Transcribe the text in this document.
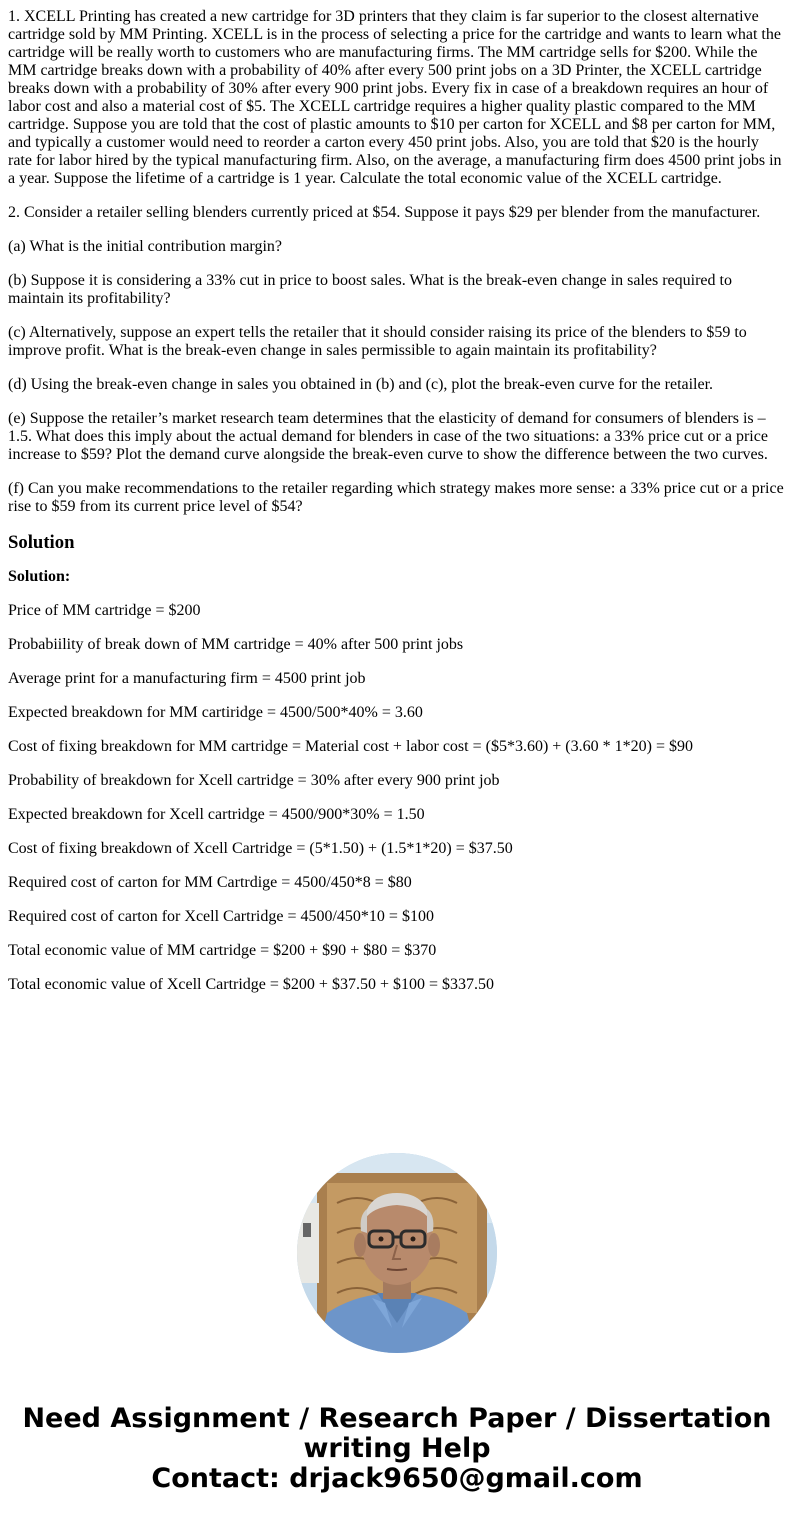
1. XCELL Printing has created a new cartridge for 3D printers that they claim is far superior to the closest alternative cartridge sold by MM Printing. XCELL is in the process of selecting a price for the cartridge and wants to learn what the cartridge will be really worth to customers who are manufacturing firms. The MM cartridge sells for $200. While the MM cartridge breaks down with a probability of 40% after every 500 print jobs on a 3D Printer, the XCELL cartridge breaks down with a probability of 30% after every 900 print jobs. Every fix in case of a breakdown requires an hour of labor cost and also a material cost of $5. The XCELL cartridge requires a higher quality plastic compared to the MM cartridge. Suppose you are told that the cost of plastic amounts to $10 per carton for XCELL and $8 per carton for MM, and typically a customer would need to reorder a carton every 450 print jobs. Also, you are told that $20 is the hourly rate for labor hired by the typical manufacturing firm. Also, on the average, a manufacturing firm does 4500 print jobs in a year. Suppose the lifetime of a cartridge is 1 year. Calculate the total economic value of the XCELL cartridge.

2. Consider a retailer selling blenders currently priced at $54. Suppose it pays $29 per blender from the manufacturer.

(a) What is the initial contribution margin?

(b) Suppose it is considering a 33% cut in price to boost sales. What is the break-even change in sales required to maintain its profitability?

(c) Alternatively, suppose an expert tells the retailer that it should consider raising its price of the blenders to $59 to improve profit. What is the break-even change in sales permissible to again maintain its profitability?

(d) Using the break-even change in sales you obtained in (b) and (c), plot the break-even curve for the retailer.

(e) Suppose the retailer’s market research team determines that the elasticity of demand for consumers of blenders is –1.5. What does this imply about the actual demand for blenders in case of the two situations: a 33% price cut or a price increase to $59? Plot the demand curve alongside the break-even curve to show the difference between the two curves.

(f) Can you make recommendations to the retailer regarding which strategy makes more sense: a 33% price cut or a price rise to $59 from its current price level of $54?

Solution

Solution:

Price of MM cartridge = $200

Probabiility of break down of MM cartridge = 40% after 500 print jobs

Average print for a manufacturing firm = 4500 print job

Expected breakdown for MM cartiridge = 4500/500*40% = 3.60

Cost of fixing breakdown for MM cartridge = Material cost + labor cost = ($5*3.60) + (3.60 * 1*20) = $90

Probability of breakdown for Xcell cartridge = 30% after every 900 print job

Expected breakdown for Xcell cartridge = 4500/900*30% = 1.50

Cost of fixing breakdown of Xcell Cartridge = (5*1.50) + (1.5*1*20) = $37.50

Required cost of carton for MM Cartrdige = 4500/450*8 = $80

Required cost of carton for Xcell Cartridge = 4500/450*10 = $100

Total economic value of MM cartridge = $200 + $90 + $80 = $370

Total economic value of Xcell Cartridge = $200 + $37.50 + $100 = $337.50

Need Assignment / Research Paper / Dissertation
writing Help
Contact: drjack9650@gmail.com
